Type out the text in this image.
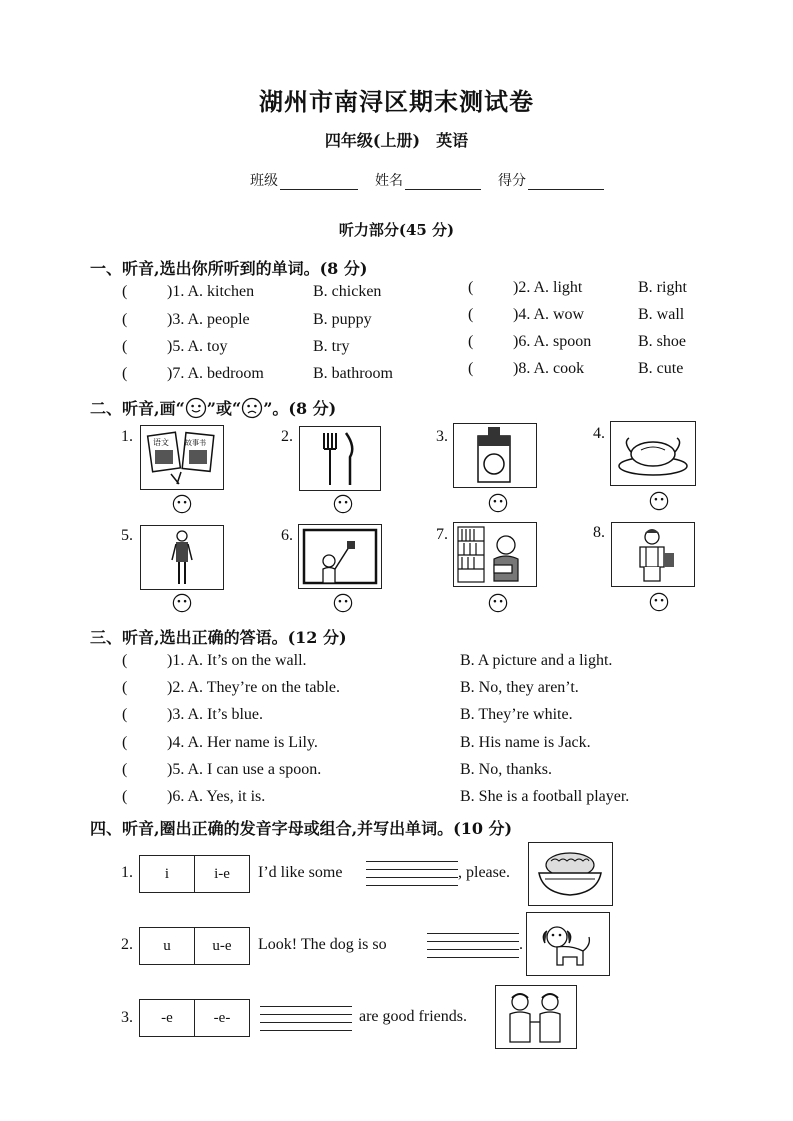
湖州市南浔区期末测试卷
四年级(上册)　英语
班级	姓名	得分
听力部分(45 分)
一、听音,选出你所听到的单词。(8 分)
( )1. A. kitchen	B. chicken	( )2. A. light	B. right
( )3. A. people	B. puppy	( )4. A. wow	B. wall
( )5. A. toy	B. try	( )6. A. spoon	B. shoe
( )7. A. bedroom	B. bathroom	( )8. A. cook	B. cute
二、听音,画“ ”或“ ”。(8 分)
1.	语文 故事书	2.	3.	4.
5.	6.	7.	8.
三、听音,选出正确的答语。(12 分)
( )1. A. It’s on the wall.	B. A picture and a light.
( )2. A. They’re on the table.	B. No, they aren’t.
( )3. A. It’s blue.	B. They’re white.
( )4. A. Her name is Lily.	B. His name is Jack.
( )5. A. I can use a spoon.	B. No, thanks.
( )6. A. Yes, it is.	B. She is a football player.
四、听音,圈出正确的发音字母或组合,并写出单词。(10 分)
1.	i	i-e	I’d like some	, please.
2.	u	u-e	Look! The dog is so	.
3.	-e	-e-	are good friends.
